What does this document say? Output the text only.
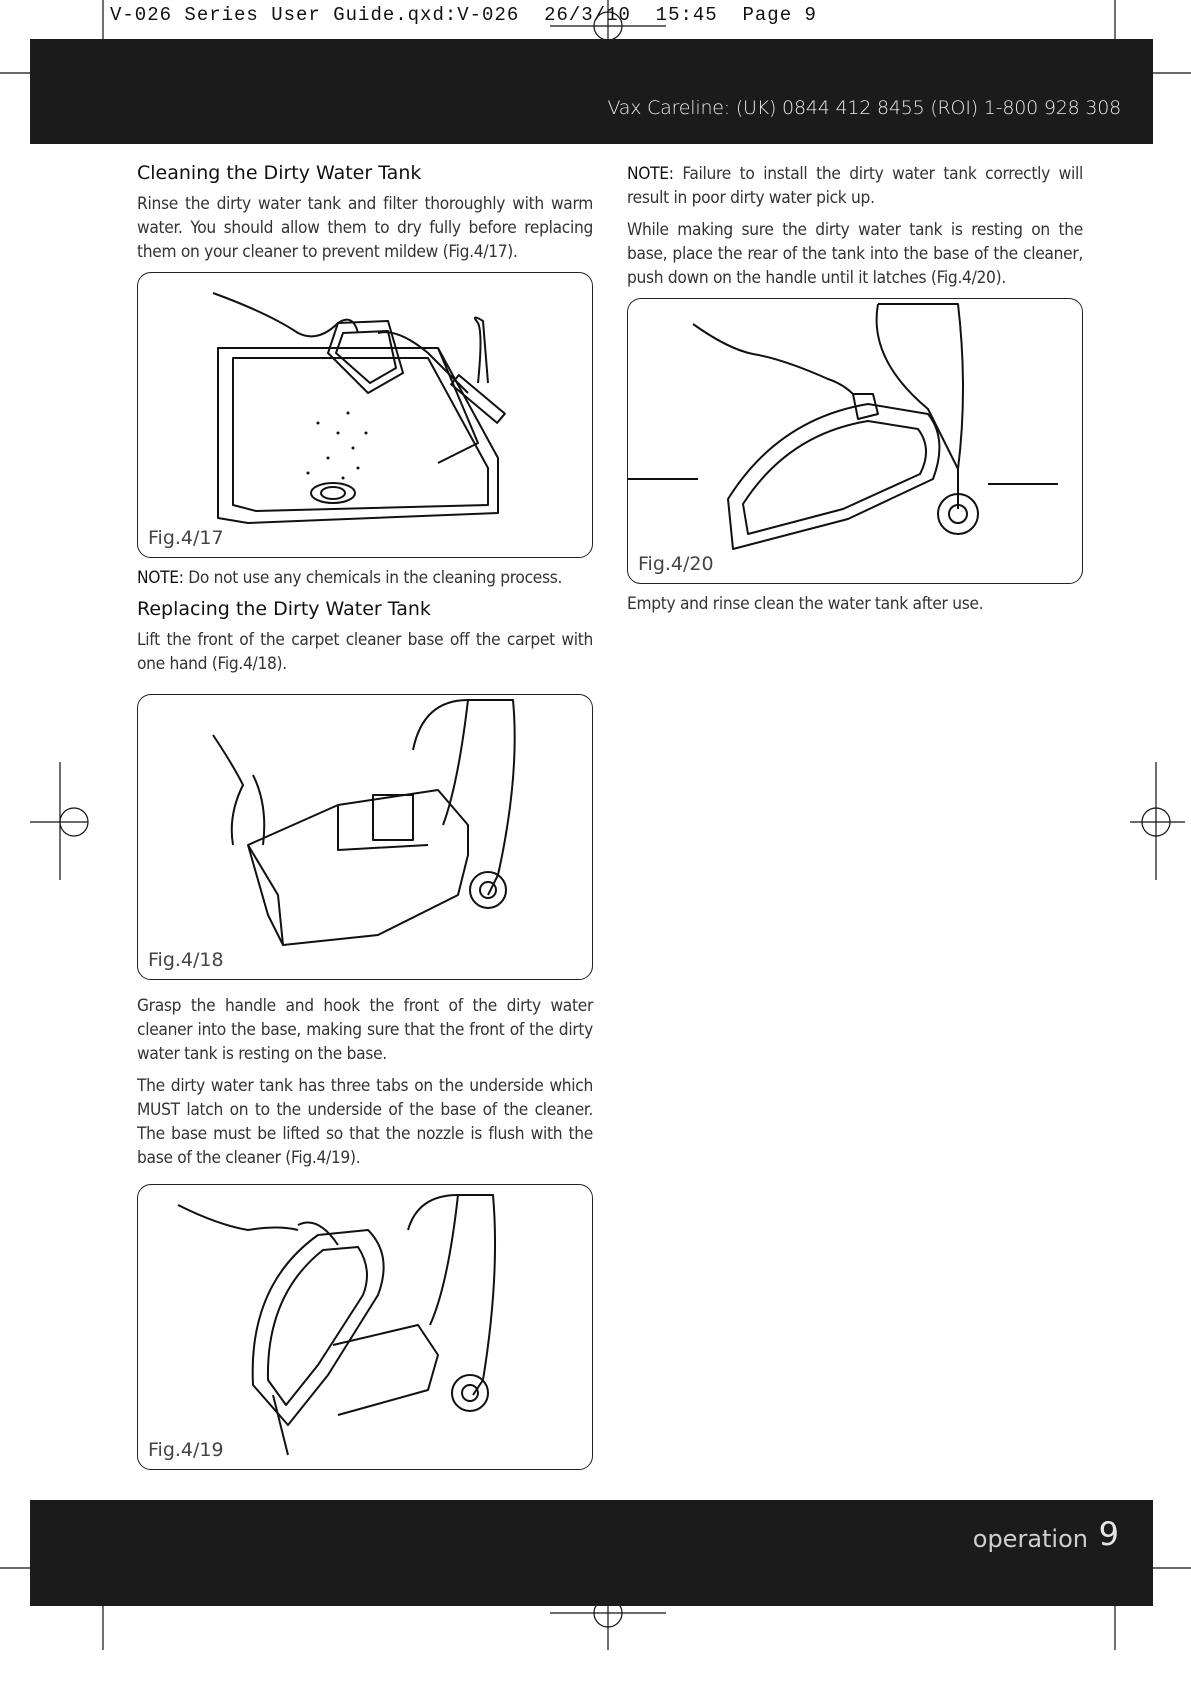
V-026 Series User Guide.qxd:V-026  26/3/10  15:45  Page 9
Vax Careline: (UK) 0844 412 8455 (ROI) 1-800 928 308
Cleaning the Dirty Water Tank

Rinse the dirty water tank and filter thoroughly with warm water. You should allow them to dry fully before replacing them on your cleaner to prevent mildew (Fig.4/17).

Fig.4/17

NOTE: Do not use any chemicals in the cleaning process.

Replacing the Dirty Water Tank

Lift the front of the carpet cleaner base off the carpet with one hand (Fig.4/18).

Fig.4/18

Grasp the handle and hook the front of the dirty water cleaner into the base, making sure that the front of the dirty water tank is resting on the base.

The dirty water tank has three tabs on the underside which MUST latch on to the underside of the base of the cleaner. The base must be lifted so that the nozzle is flush with the base of the cleaner (Fig.4/19).

Fig.4/19

NOTE: Failure to install the dirty water tank correctly will result in poor dirty water pick up.

While making sure the dirty water tank is resting on the base, place the rear of the tank into the base of the cleaner, push down on the handle until it latches (Fig.4/20).

Fig.4/20

Empty and rinse clean the water tank after use.

operation 9
